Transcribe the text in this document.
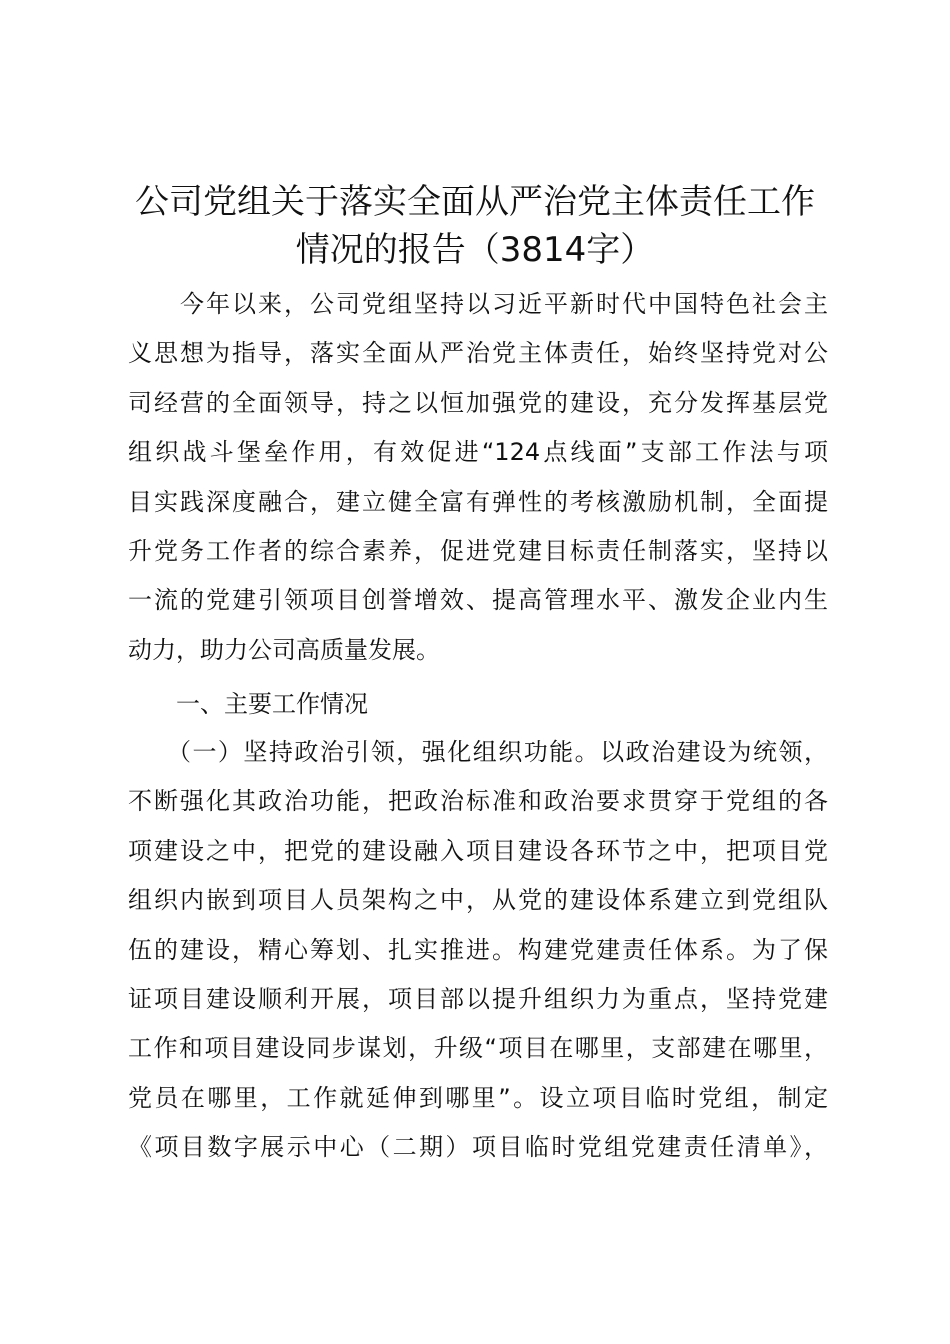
公司党组关于落实全面从严治党主体责任工作
情况的报告（3814字）
　　今年以来，公司党组坚持以习近平新时代中国特色社会主
义思想为指导，落实全面从严治党主体责任，始终坚持党对公
司经营的全面领导，持之以恒加强党的建设，充分发挥基层党
组织战斗堡垒作用，有效促进“124点线面”支部工作法与项
目实践深度融合，建立健全富有弹性的考核激励机制，全面提
升党务工作者的综合素养，促进党建目标责任制落实，坚持以
一流的党建引领项目创誉增效、提高管理水平、激发企业内生
动力，助力公司高质量发展。
　　一、主要工作情况
　　（一）坚持政治引领，强化组织功能。以政治建设为统领，
不断强化其政治功能，把政治标准和政治要求贯穿于党组的各
项建设之中，把党的建设融入项目建设各环节之中，把项目党
组织内嵌到项目人员架构之中，从党的建设体系建立到党组队
伍的建设，精心筹划、扎实推进。构建党建责任体系。为了保
证项目建设顺利开展，项目部以提升组织力为重点，坚持党建
工作和项目建设同步谋划，升级“项目在哪里，支部建在哪里，
党员在哪里，工作就延伸到哪里”。设立项目临时党组，制定
《项目数字展示中心（二期）项目临时党组党建责任清单》，
